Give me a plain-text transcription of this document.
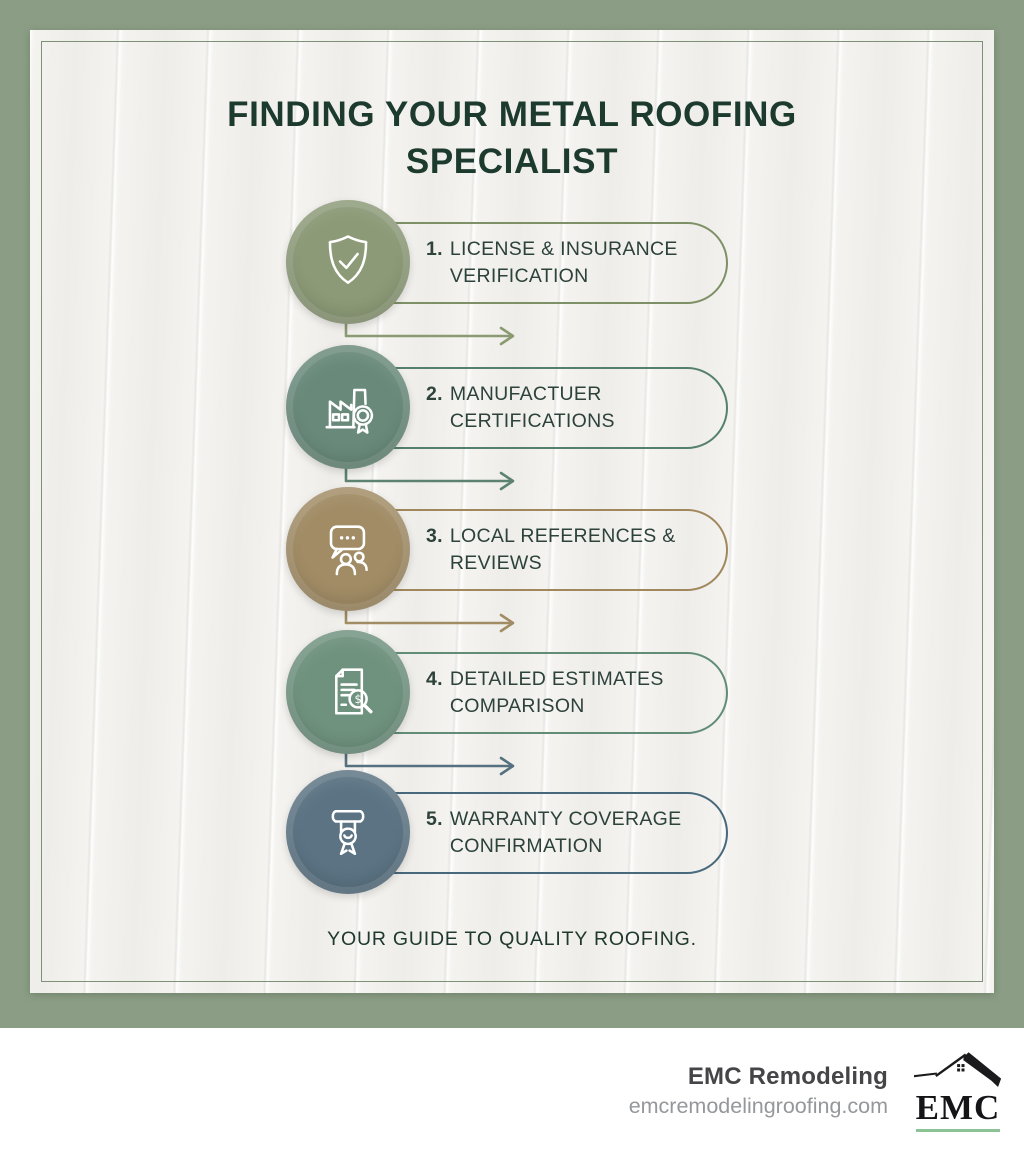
FINDING YOUR METAL ROOFING SPECIALIST
1. LICENSE & INSURANCE VERIFICATION
2. MANUFACTUER CERTIFICATIONS
3. LOCAL REFERENCES & REVIEWS
4. DETAILED ESTIMATES COMPARISON
$
5. WARRANTY COVERAGE CONFIRMATION
YOUR GUIDE TO QUALITY ROOFING.
EMC Remodeling
emcremodelingroofing.com EMC
